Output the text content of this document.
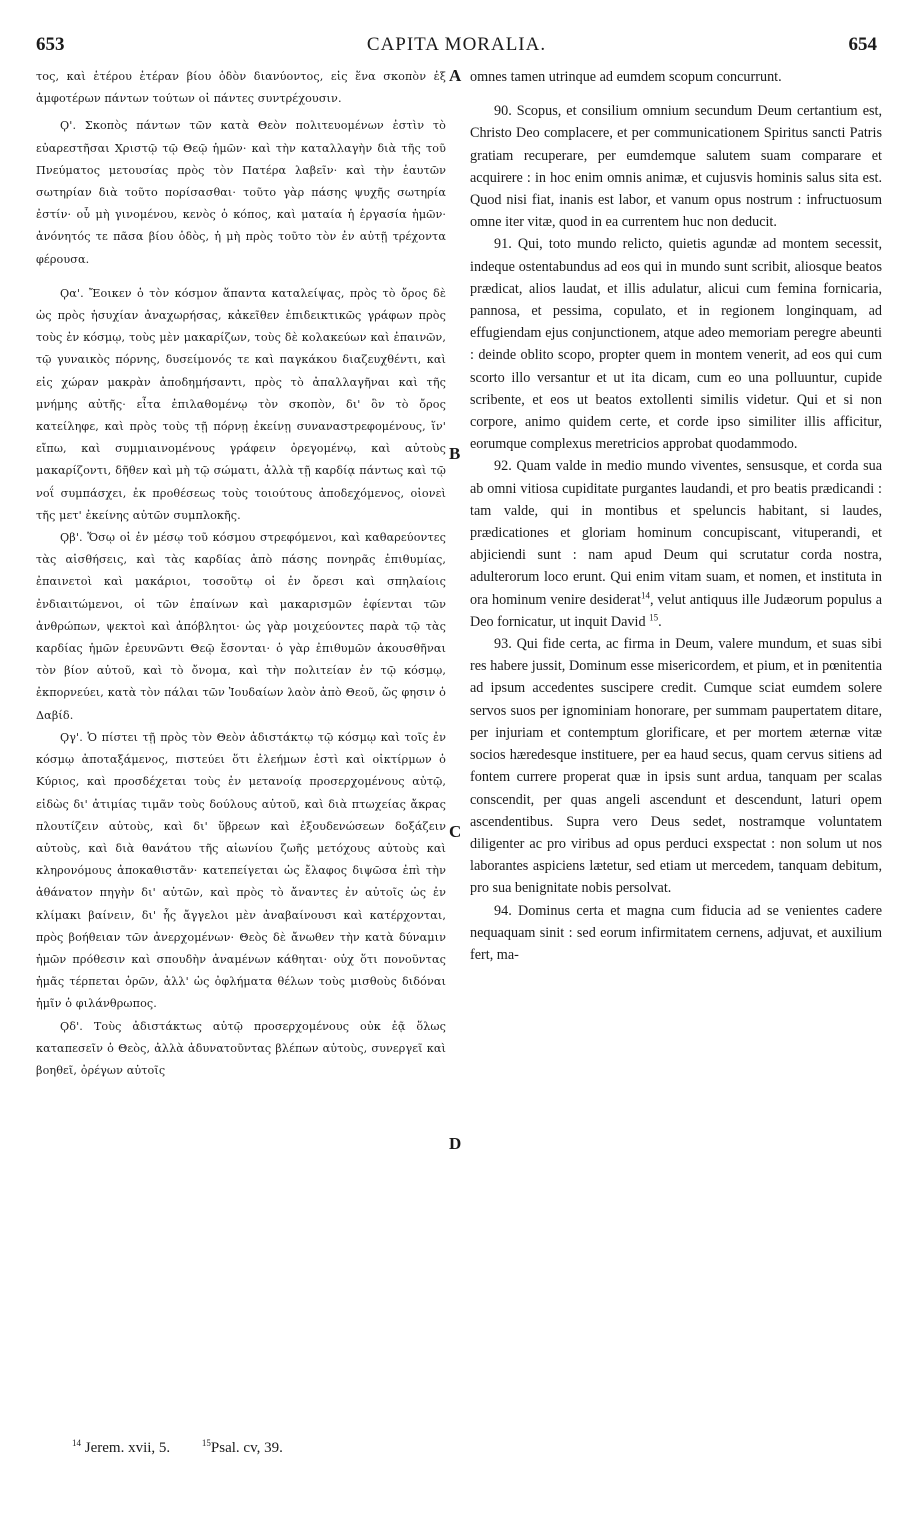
653	CAPITA MORALIA.	654

τος, καὶ ἑτέρου ἑτέραν βίου ὁδὸν διανύοντος, εἰς ἕνα σκοπὸν ἐξ ἀμφοτέρων πάντων τούτων οἱ πάντες συντρέχουσιν.

Ϙ'. Σκοπὸς πάντων τῶν κατὰ Θεὸν πολιτευομένων ἐστὶν τὸ εὐαρεστῆσαι Χριστῷ τῷ Θεῷ ἡμῶν· καὶ τὴν καταλλαγὴν διὰ τῆς τοῦ Πνεύματος μετουσίας πρὸς τὸν Πατέρα λαβεῖν· καὶ τὴν ἑαυτῶν σωτηρίαν διὰ τοῦτο πορίσασθαι· τοῦτο γὰρ πάσης ψυχῆς σωτηρία ἐστίν· οὗ μὴ γινομένου, κενὸς ὁ κόπος, καὶ ματαία ἡ ἐργασία ἡμῶν· ἀνόνητός τε πᾶσα βίου ὁδὸς, ἡ μὴ πρὸς τοῦτο τὸν ἐν αὐτῇ τρέχοντα φέρουσα.

Ϙα'. Ἔοικεν ὁ τὸν κόσμον ἅπαντα καταλείψας, πρὸς τὸ ὄρος δὲ ὡς πρὸς ἡσυχίαν ἀναχωρήσας, κἀκεῖθεν ἐπιδεικτικῶς γράφων πρὸς τοὺς ἐν κόσμῳ, τοὺς μὲν μακαρίζων, τοὺς δὲ κολακεύων καὶ ἐπαινῶν, τῷ γυναικὸς πόρνης, δυσείμονός τε καὶ παγκάκου διαζευχθέντι, καὶ εἰς χώραν μακρὰν ἀποδημήσαντι, πρὸς τὸ ἀπαλλαγῆναι καὶ τῆς μνήμης αὐτῆς· εἶτα ἐπιλαθομένῳ τὸν σκοπὸν, δι' ὃν τὸ ὄρος κατείληφε, καὶ πρὸς τοὺς τῇ πόρνῃ ἐκείνῃ συναναστρεφομένους, ἵν' εἴπω, καὶ συμμιαινομένους γράφειν ὀρεγομένῳ, καὶ αὐτοὺς μακαρίζοντι, δῆθεν καὶ μὴ τῷ σώματι, ἀλλὰ τῇ καρδίᾳ πάντως καὶ τῷ νοΐ συμπάσχει, ἐκ προθέσεως τοὺς τοιούτους ἀποδεχόμενος, οἱονεὶ τῆς μετ' ἐκείνης αὐτῶν συμπλοκῆς.

Ϙβ'. Ὅσῳ οἱ ἐν μέσῳ τοῦ κόσμου στρεφόμενοι, καὶ καθαρεύοντες τὰς αἰσθήσεις, καὶ τὰς καρδίας ἀπὸ πάσης πονηρᾶς ἐπιθυμίας, ἐπαινετοὶ καὶ μακάριοι, τοσοῦτῳ οἱ ἐν ὄρεσι καὶ σπηλαίοις ἐνδιαιτώμενοι, οἱ τῶν ἐπαίνων καὶ μακαρισμῶν ἐφίενται τῶν ἀνθρώπων, ψεκτοὶ καὶ ἀπόβλητοι· ὡς γὰρ μοιχεύοντες παρὰ τῷ τὰς καρδίας ἡμῶν ἐρευνῶντι Θεῷ ἔσονται· ὁ γὰρ ἐπιθυμῶν ἀκουσθῆναι τὸν βίον αὐτοῦ, καὶ τὸ ὄνομα, καὶ τὴν πολιτείαν ἐν τῷ κόσμῳ, ἐκπορνεύει, κατὰ τὸν πάλαι τῶν Ἰουδαίων λαὸν ἀπὸ Θεοῦ, ὥς φησιν ὁ Δαβίδ.

Ϙγ'. Ὁ πίστει τῇ πρὸς τὸν Θεὸν ἀδιστάκτῳ τῷ κόσμῳ καὶ τοῖς ἐν κόσμῳ ἀποταξάμενος, πιστεύει ὅτι ἐλεήμων ἐστὶ καὶ οἰκτίρμων ὁ Κύριος, καὶ προσδέχεται τοὺς ἐν μετανοίᾳ προσερχομένους αὐτῷ, εἰδὼς δι' ἀτιμίας τιμᾶν τοὺς δούλους αὐτοῦ, καὶ διὰ πτωχείας ἄκρας πλουτίζειν αὐτοὺς, καὶ δι' ὕβρεων καὶ ἐξουδενώσεων δοξάζειν αὐτοὺς, καὶ διὰ θανάτου τῆς αἰωνίου ζωῆς μετόχους αὐτοὺς καὶ κληρονόμους ἀποκαθιστᾶν· κατεπείγεται ὡς ἔλαφος διψῶσα ἐπὶ τὴν ἀθάνατον πηγὴν δι' αὐτῶν, καὶ πρὸς τὸ ἄναντες ἐν αὐτοῖς ὡς ἐν κλίμακι βαίνειν, δι' ἧς ἄγγελοι μὲν ἀναβαίνουσι καὶ κατέρχονται, πρὸς βοήθειαν τῶν ἀνερχομένων· Θεὸς δὲ ἄνωθεν τὴν κατὰ δύναμιν ἡμῶν πρόθεσιν καὶ σπουδὴν ἀναμένων κάθηται· οὐχ ὅτι πονοῦντας ἡμᾶς τέρπεται ὁρῶν, ἀλλ' ὡς ὀφλήματα θέλων τοὺς μισθοὺς διδόναι ἡμῖν ὁ φιλάνθρωπος.

Ϙδ'. Τοὺς ἀδιστάκτως αὐτῷ προσερχομένους οὐκ ἐᾷ ὅλως καταπεσεῖν ὁ Θεὸς, ἀλλὰ ἀδυνατοῦντας βλέπων αὐτοὺς, συνεργεῖ καὶ βοηθεῖ, ὀρέγων αὐτοῖς

A
B
C
D

omnes tamen utrinque ad eumdem scopum concurrunt.

90. Scopus, et consilium omnium secundum Deum certantium est, Christo Deo complacere, et per communicationem Spiritus sancti Patris gratiam recuperare, per eumdemque salutem suam comparare et acquirere : in hoc enim omnis animæ, et cujusvis hominis salus sita est. Quod nisi fiat, inanis est labor, et vanum opus nostrum : infructuosum omne iter vitæ, quod in ea currentem huc non deducit.

91. Qui, toto mundo relicto, quietis agundæ ad montem secessit, indeque ostentabundus ad eos qui in mundo sunt scribit, aliosque beatos prædicat, alios laudat, et illis adulatur, alicui cum femina fornicaria, pannosa, et pessima, copulato, et in regionem longinquam, ad effugiendam ejus conjunctionem, atque adeo memoriam peregre abeunti : deinde oblito scopo, propter quem in montem venerit, ad eos qui cum scorto illo versantur et ut ita dicam, cum eo una polluuntur, cupide scribente, et eos ut beatos extollenti similis videtur. Qui et si non corpore, animo quidem certe, et corde ipso similiter illis afficitur, eorumque complexus meretricios approbat quodammodo.

92. Quam valde in medio mundo viventes, sensusque, et corda sua ab omni vitiosa cupiditate purgantes laudandi, et pro beatis prædicandi : tam valde, qui in montibus et speluncis habitant, si laudes, prædicationes et gloriam hominum concupiscant, vituperandi, et abjiciendi sunt : nam apud Deum qui scrutatur corda nostra, adulterorum loco erunt. Qui enim vitam suam, et nomen, et instituta in ora hominum venire desiderat$^{14}$, velut antiquus ille Judæorum populus a Deo fornicatur, ut inquit David $^{15}$.

93. Qui fide certa, ac firma in Deum, valere mundum, et suas sibi res habere jussit, Dominum esse misericordem, et pium, et in pœnitentia ad ipsum accedentes suscipere credit. Cumque sciat eumdem solere servos suos per ignominiam honorare, per summam paupertatem ditare, per injuriam et contemptum glorificare, et per mortem æternæ vitæ socios hæredesque instituere, per ea haud secus, quam cervus sitiens ad fontem currere properat quæ in ipsis sunt ardua, tanquam per scalas conscendit, per quas angeli ascendunt et descendunt, laturi opem ascendentibus. Supra vero Deus sedet, nostramque voluntatem diligenter ac pro viribus ad opus perduci exspectat : non solum ut nos laborantes aspiciens lætetur, sed etiam ut mercedem, tanquam debitum, pro sua benignitate nobis persolvat.

94. Dominus certa et magna cum fiducia ad se venientes cadere nequaquam sinit : sed eorum infirmitatem cernens, adjuvat, et auxilium fert, ma-

$^{14}$ Jerem. xvii, 5.	$^{15}$Psal. cv, 39.
